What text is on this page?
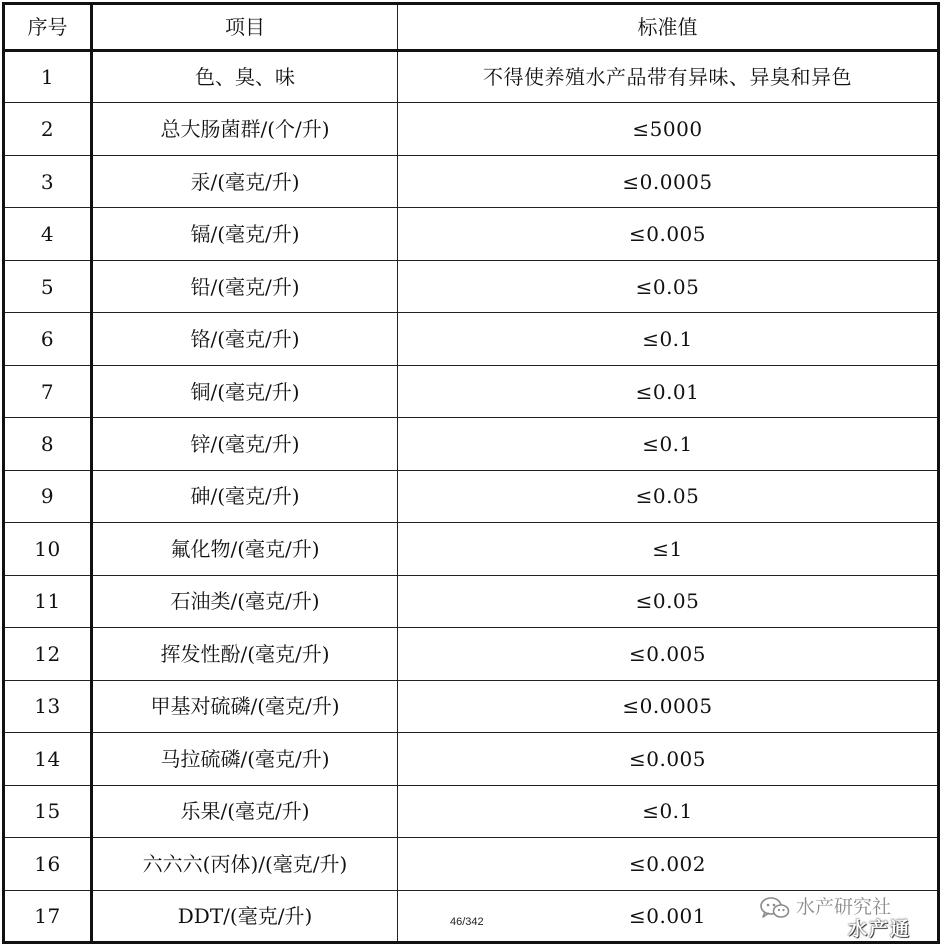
序号	项目	标准值
1	色、臭、味	不得使养殖水产品带有异味、异臭和异色
2	总大肠菌群/(个/升)	≤5000
3	汞/(毫克/升)	≤0.0005
4	镉/(毫克/升)	≤0.005
5	铅/(毫克/升)	≤0.05
6	铬/(毫克/升)	≤0.1
7	铜/(毫克/升)	≤0.01
8	锌/(毫克/升)	≤0.1
9	砷/(毫克/升)	≤0.05
10	氟化物/(毫克/升)	≤1
11	石油类/(毫克/升)	≤0.05
12	挥发性酚/(毫克/升)	≤0.005
13	甲基对硫磷/(毫克/升)	≤0.0005
14	马拉硫磷/(毫克/升)	≤0.005
15	乐果/(毫克/升)	≤0.1
16	六六六(丙体)/(毫克/升)	≤0.002
17	DDT/(毫克/升)	≤0.001
46/342
水产研究社
水产通
